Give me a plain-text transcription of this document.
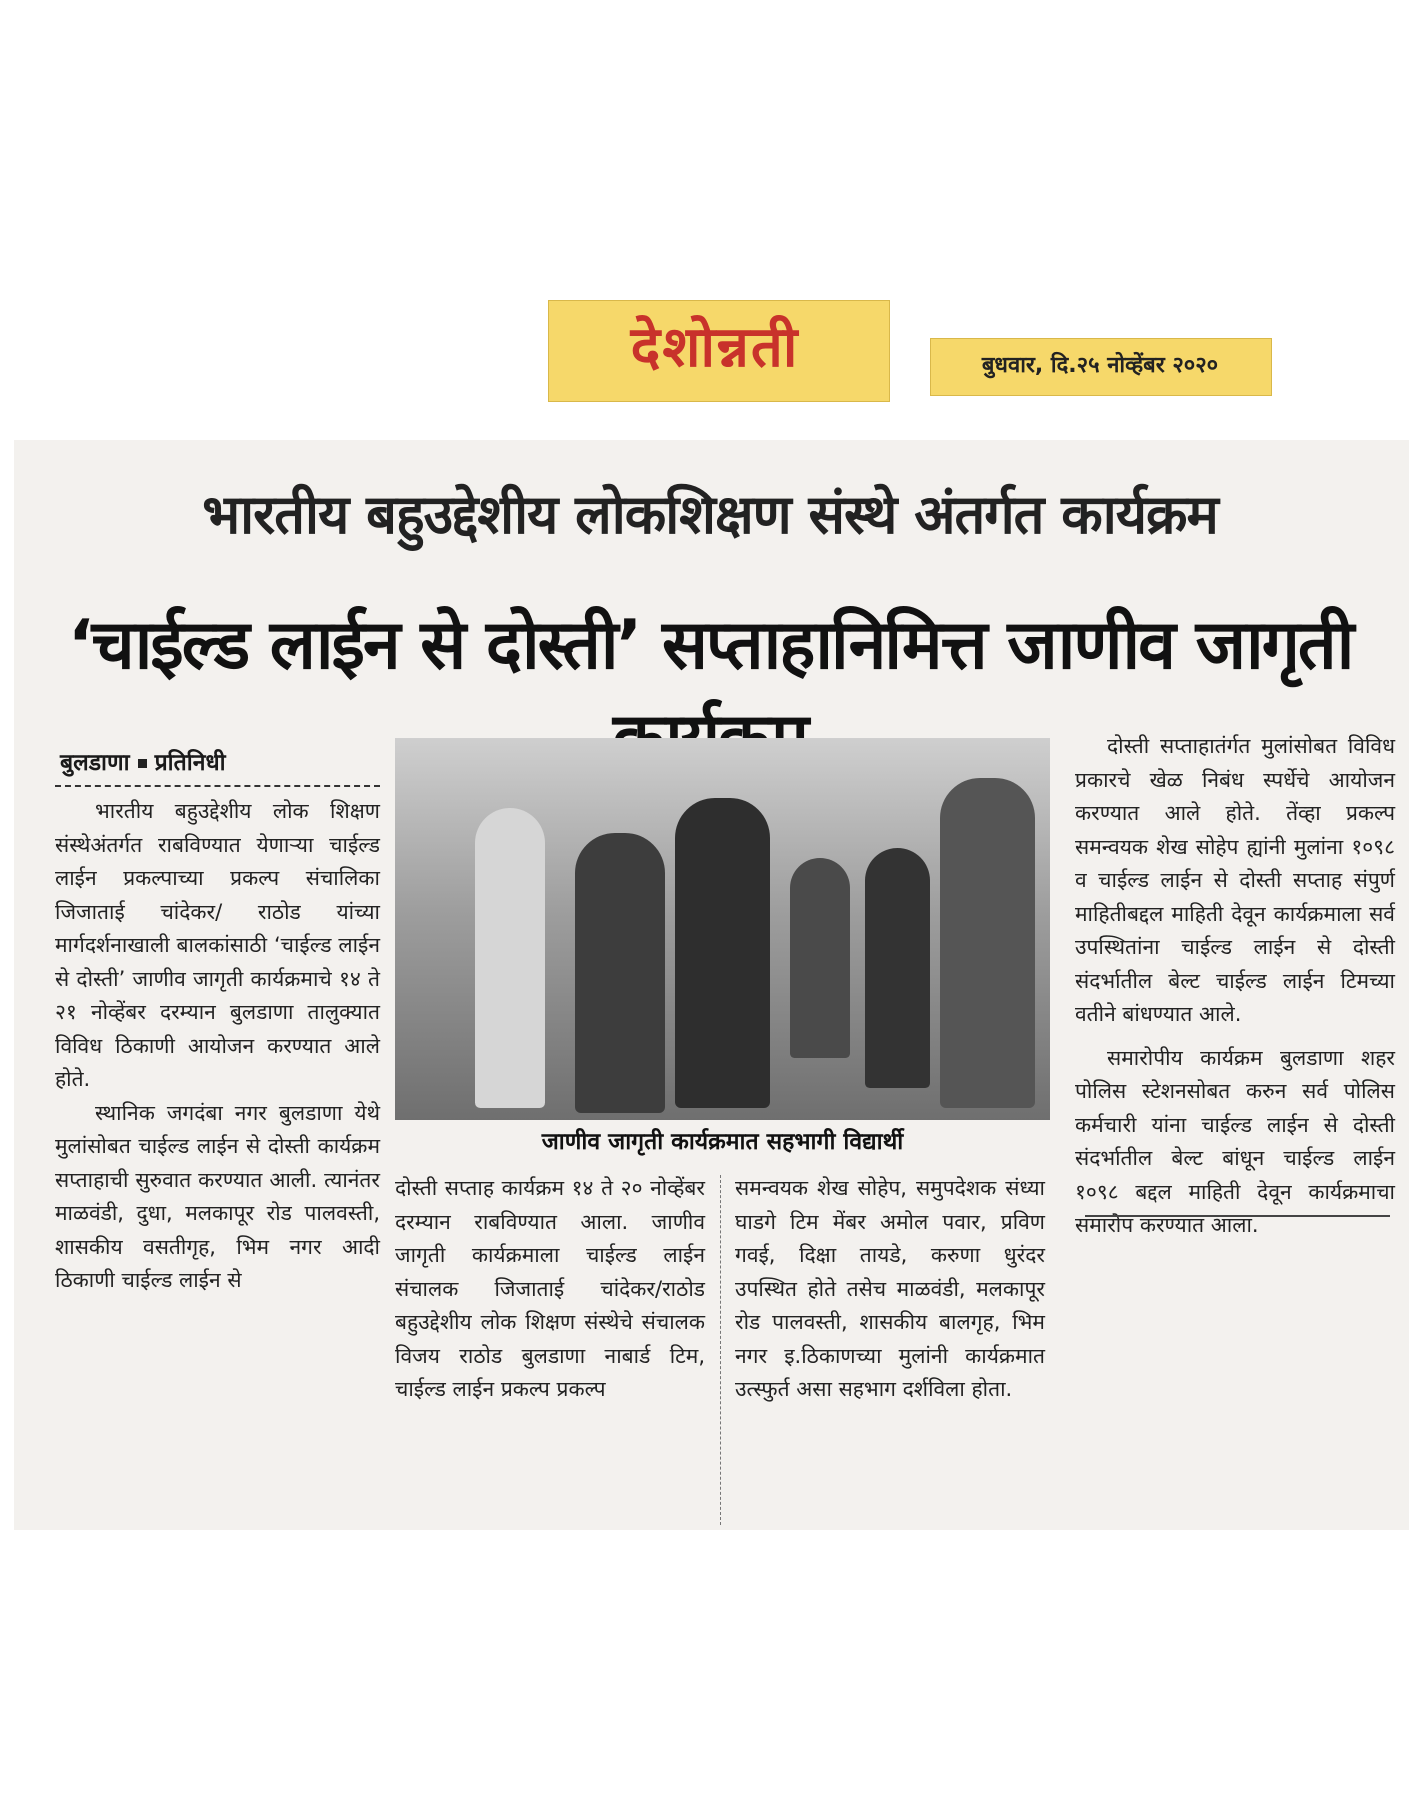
देशोन्नती	बुधवार, दि.२५ नोव्हेंबर २०२०
भारतीय बहुउद्देशीय लोकशिक्षण संस्थे अंतर्गत कार्यक्रम
‘चाईल्ड लाईन से दोस्ती’ सप्ताहानिमित्त जाणीव जागृती
बुलडाणा प्रतिनिधी

भारतीय बहुउद्देशीय लोक शिक्षण संस्थेअंतर्गत राबविण्यात येणाऱ्या चाईल्ड लाईन प्रकल्पाच्या प्रकल्प संचालिका जिजाताई चांदेकर/ राठोड यांच्या मार्गदर्शनाखाली बालकांसाठी ‘चाईल्ड लाईन से दोस्ती’ जाणीव जागृती कार्यक्रमाचे १४ ते २१ नोव्हेंबर दरम्यान बुलडाणा तालुक्यात विविध ठिकाणी आयोजन करण्यात आले होते.

स्थानिक जगदंबा नगर बुलडाणा येथे मुलांसोबत चाईल्ड लाईन से दोस्ती कार्यक्रम सप्ताहाची सुरुवात करण्यात आली. त्यानंतर माळवंडी, दुधा, मलकापूर रोड पालवस्ती, शासकीय वसतीगृह, भिम नगर आदी ठिकाणी चाईल्ड लाईन से

जाणीव जागृती कार्यक्रमात सहभागी विद्यार्थी

दोस्ती सप्ताह कार्यक्रम १४ ते २० नोव्हेंबर दरम्यान राबविण्यात आला. जाणीव जागृती कार्यक्रमाला चाईल्ड लाईन संचालक जिजाताई चांदेकर/राठोड बहुउद्देशीय लोक शिक्षण संस्थेचे संचालक विजय राठोड बुलडाणा नाबार्ड टिम, चाईल्ड लाईन प्रकल्प प्रकल्प

समन्वयक शेख सोहेप, समुपदेशक संध्या घाडगे टिम मेंबर अमोल पवार, प्रविण गवई, दिक्षा तायडे, करुणा धुरंदर उपस्थित होते तसेच माळवंडी, मलकापूर रोड पालवस्ती, शासकीय बालगृह, भिम नगर इ.ठिकाणच्या मुलांनी कार्यक्रमात उत्स्फुर्त असा सहभाग दर्शविला होता.

दोस्ती सप्ताहातंर्गत मुलांसोबत विविध प्रकारचे खेळ निबंध स्पर्धेचे आयोजन करण्यात आले होते. तेंव्हा प्रकल्प समन्वयक शेख सोहेप ह्यांनी मुलांना १०९८ व चाईल्ड लाईन से दोस्ती सप्ताह संपुर्ण माहितीबद्दल माहिती देवून कार्यक्रमाला सर्व उपस्थितांना चाईल्ड लाईन से दोस्ती संदर्भातील बेल्ट चाईल्ड लाईन टिमच्या वतीने बांधण्यात आले.

समारोपीय कार्यक्रम बुलडाणा शहर पोलिस स्टेशनसोबत करुन सर्व पोलिस कर्मचारी यांना चाईल्ड लाईन से दोस्ती संदर्भातील बेल्ट बांधून चाईल्ड लाईन १०९८ बद्दल माहिती देवून कार्यक्रमाचा समारोप करण्यात आला.
